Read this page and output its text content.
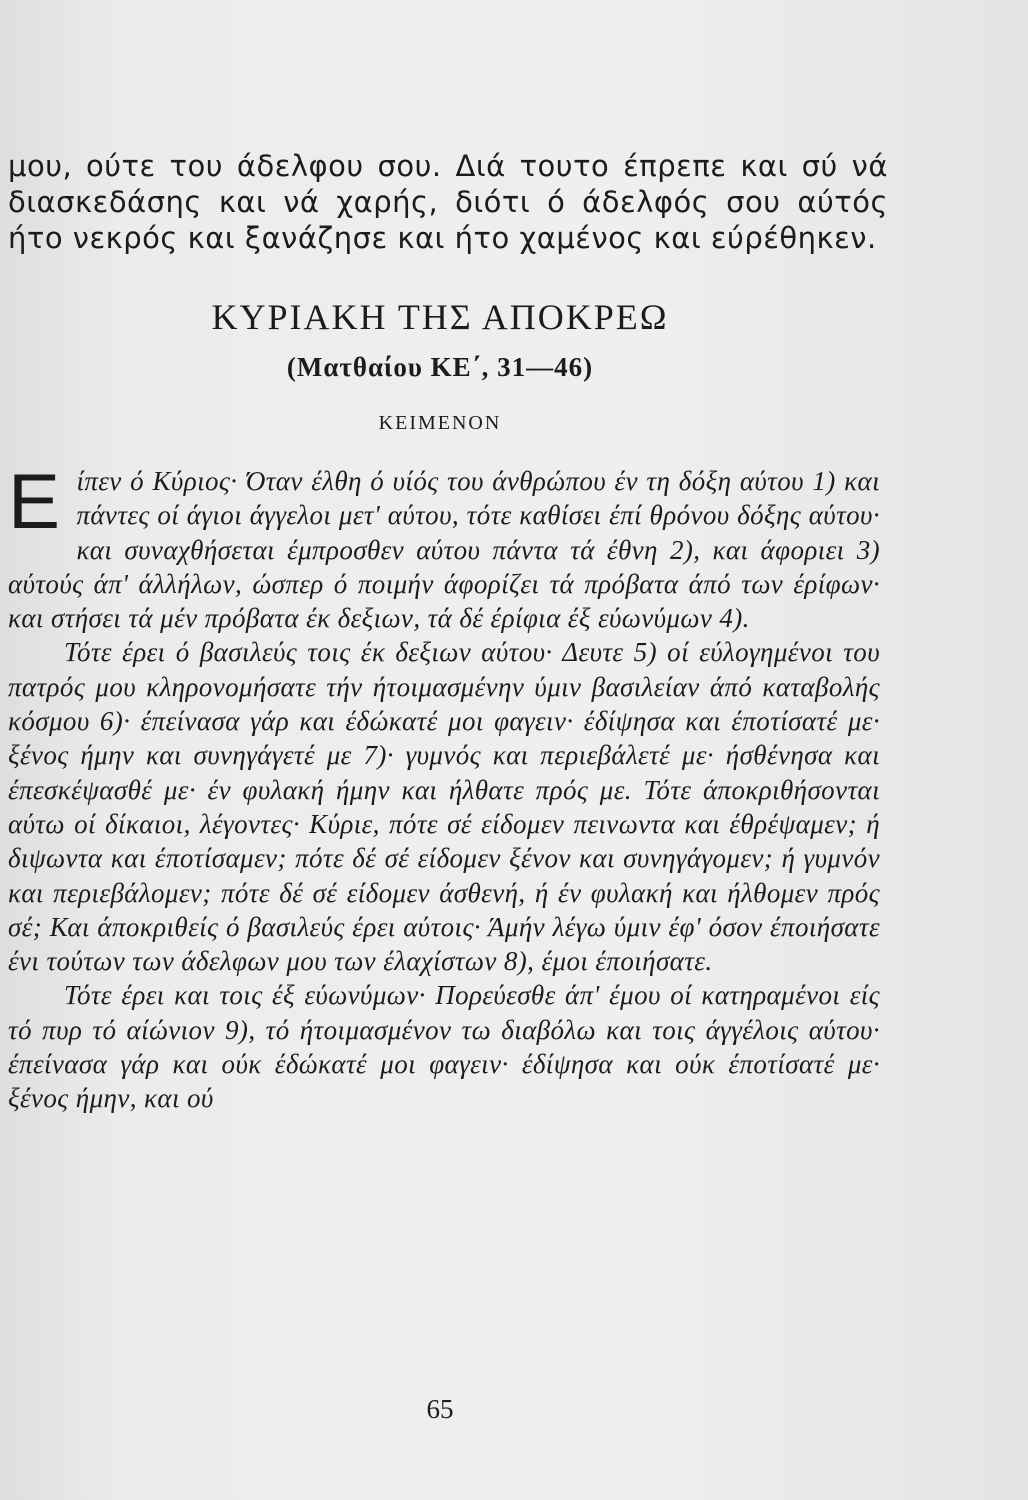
μου, ούτε του άδελφου σου. Διά τουτο έπρεπε και σύ νά διασκεδάσης και νά χαρής, διότι ό άδελφός σου αύτός ήτο νεκρός και ξανάζησε και ήτο χαμένος και εύρέθηκεν.

ΚΥΡΙΑΚΗ ΤΗΣ ΑΠΟΚΡΕΩ
(Ματθαίου ΚΕ΄, 31—46)
ΚΕΙΜΕΝΟΝ
Ε ίπεν ό Κύριος· Όταν έλθη ό υίός του άνθρώπου έν τη δόξη αύτου 1) και πάντες οί άγιοι άγγελοι μετ' αύτου, τότε καθίσει έπί θρόνου δόξης αύτου· και συναχθήσεται έμπροσθεν αύτου πάντα τά έθνη 2), και άφοριει 3) αύτούς άπ' άλλήλων, ώσπερ ό ποιμήν άφορίζει τά πρόβατα άπό των έρίφων· και στήσει τά μέν πρόβατα έκ δεξιων, τά δέ έρίφια έξ εύωνύμων 4).

Τότε έρει ό βασιλεύς τοις έκ δεξιων αύτου· Δευτε 5) οί εύλογημένοι του πατρός μου κληρονομήσατε τήν ήτοιμασμένην ύμιν βασιλείαν άπό καταβολής κόσμου 6)· έπείνασα γάρ και έδώκατέ μοι φαγειν· έδίψησα και έποτίσατέ με· ξένος ήμην και συνηγάγετέ με 7)· γυμνός και περιεβάλετέ με· ήσθένησα και έπεσκέψασθέ με· έν φυλακή ήμην και ήλθατε πρός με. Τότε άποκριθήσονται αύτω οί δίκαιοι, λέγοντες· Κύριε, πότε σέ είδομεν πεινωντα και έθρέψαμεν; ή διψωντα και έποτίσαμεν; πότε δέ σέ είδομεν ξένον και συνηγάγομεν; ή γυμνόν και περιεβάλομεν; πότε δέ σέ είδομεν άσθενή, ή έν φυλακή και ήλθομεν πρός σέ; Και άποκριθείς ό βασιλεύς έρει αύτοις· Άμήν λέγω ύμιν έφ' όσον έποιήσατε ένι τούτων των άδελφων μου των έλαχίστων 8), έμοι έποιήσατε.

Τότε έρει και τοις έξ εύωνύμων· Πορεύεσθε άπ' έμου οί κατηραμένοι είς τό πυρ τό αίώνιον 9), τό ήτοιμασμένον τω διαβόλω και τοις άγγέλοις αύτου· έπείνασα γάρ και ούκ έδώκατέ μοι φαγειν· έδίψησα και ούκ έποτίσατέ με· ξένος ήμην, και ού

65
